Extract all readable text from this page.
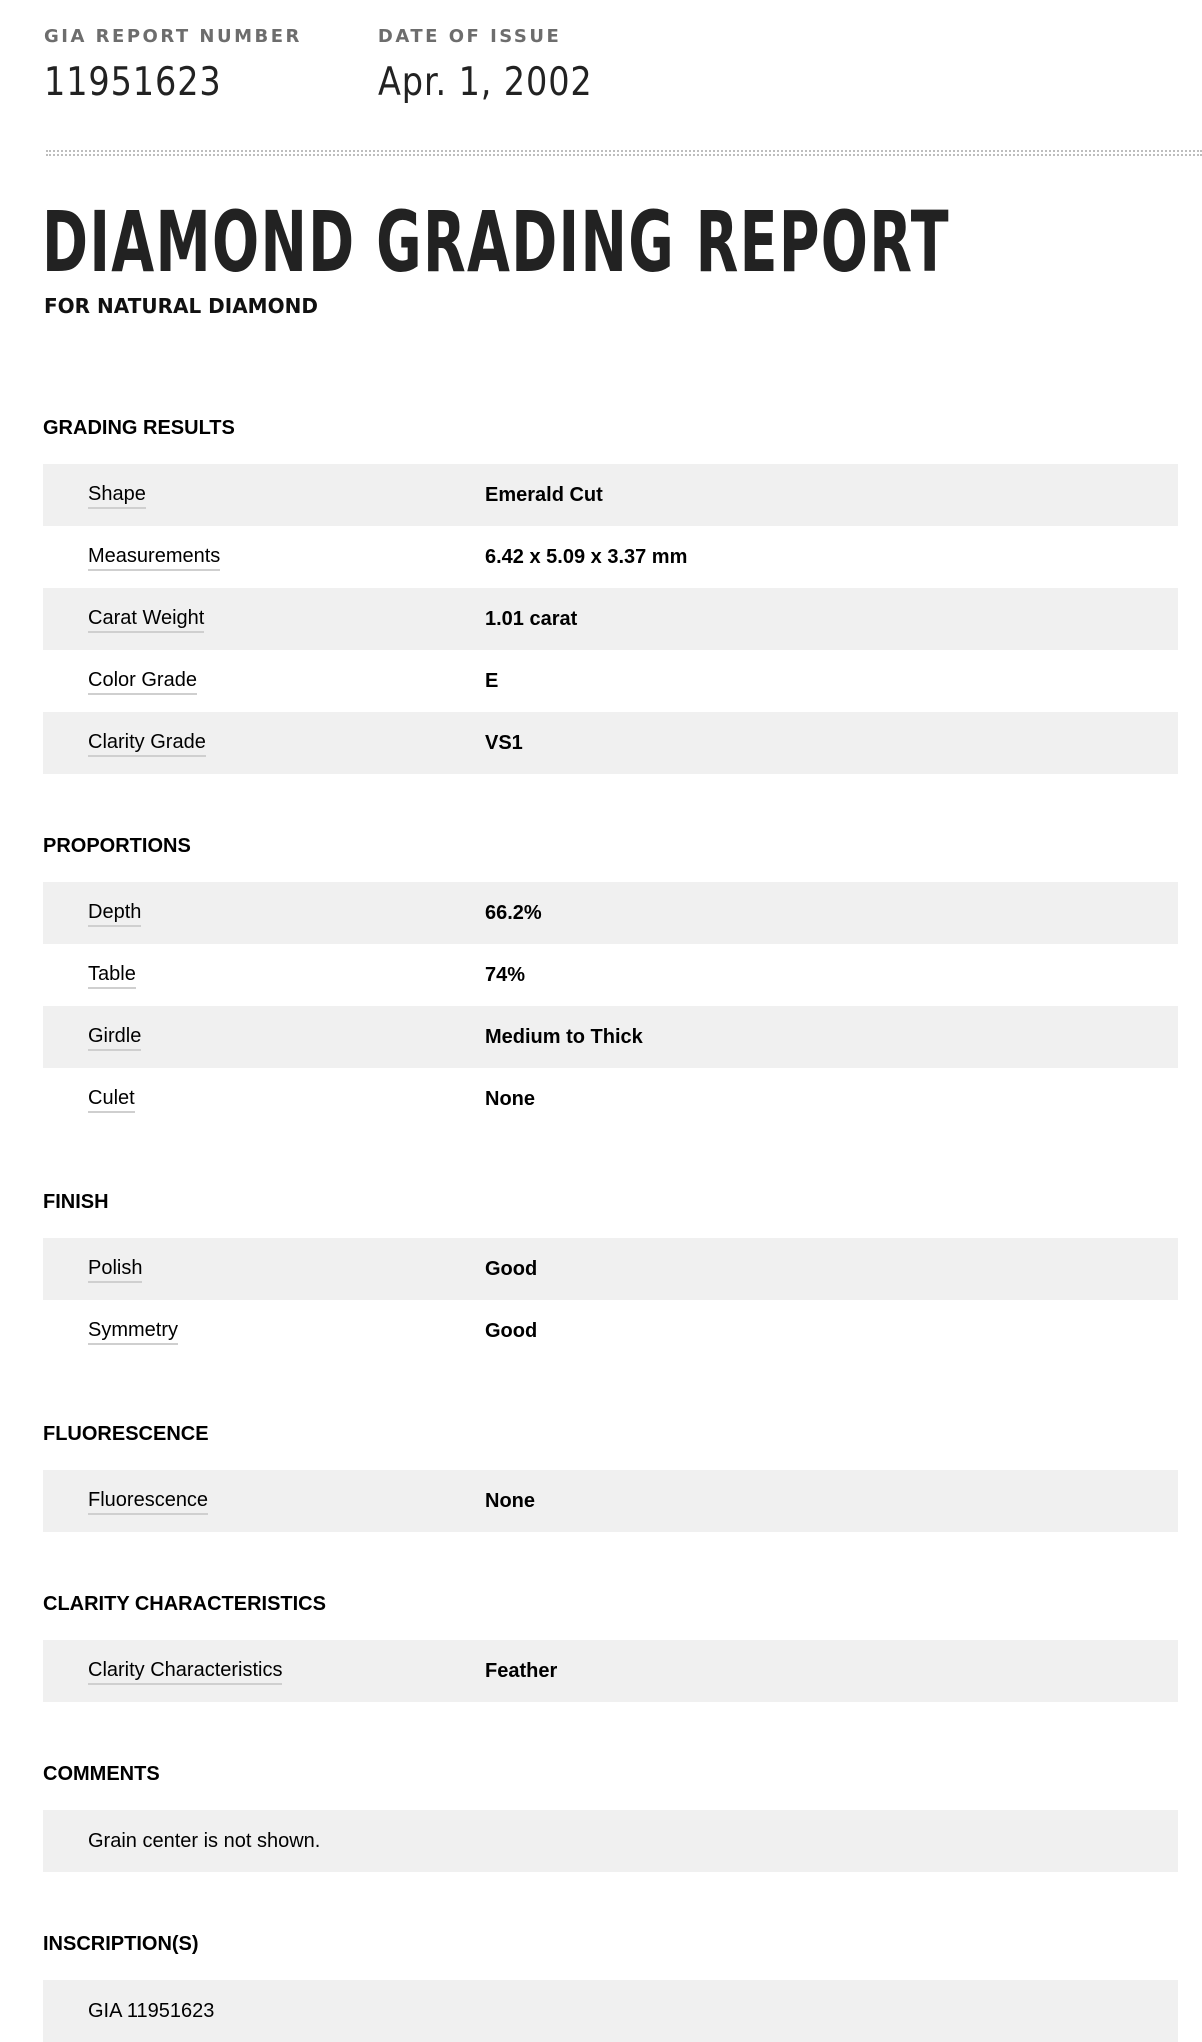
GIA REPORT NUMBER
11951623
DATE OF ISSUE
Apr. 1, 2002
DIAMOND GRADING REPORT
FOR NATURAL DIAMOND
GRADING RESULTS
Shape	Emerald Cut
Measurements	6.42 x 5.09 x 3.37 mm
Carat Weight	1.01 carat
Color Grade	E
Clarity Grade	VS1
PROPORTIONS
Depth	66.2%
Table	74%
Girdle	Medium to Thick
Culet	None
FINISH
Polish	Good
Symmetry	Good
FLUORESCENCE
Fluorescence	None
CLARITY CHARACTERISTICS
Clarity Characteristics	Feather
COMMENTS
Grain center is not shown.
INSCRIPTION(S)
GIA 11951623
